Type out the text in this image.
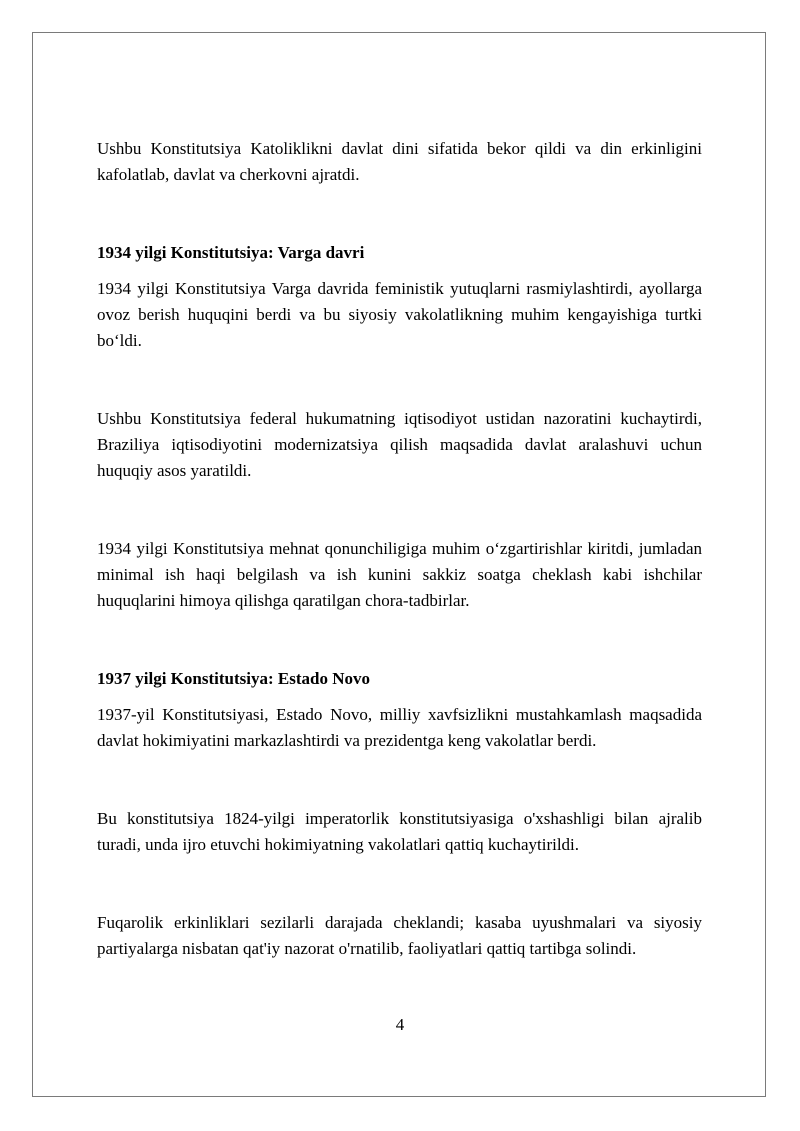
Ushbu Konstitutsiya Katoliklikni davlat dini sifatida bekor qildi va din erkinligini kafolatlab, davlat va cherkovni ajratdi.

1934 yilgi Konstitutsiya: Varga davri

1934 yilgi Konstitutsiya Varga davrida feministik yutuqlarni rasmiylashtirdi, ayollarga ovoz berish huquqini berdi va bu siyosiy vakolatlikning muhim kengayishiga turtki bo‘ldi.

Ushbu Konstitutsiya federal hukumatning iqtisodiyot ustidan nazoratini kuchaytirdi, Braziliya iqtisodiyotini modernizatsiya qilish maqsadida davlat aralashuvi uchun huquqiy asos yaratildi.

1934 yilgi Konstitutsiya mehnat qonunchiligiga muhim o‘zgartirishlar kiritdi, jumladan minimal ish haqi belgilash va ish kunini sakkiz soatga cheklash kabi ishchilar huquqlarini himoya qilishga qaratilgan chora-tadbirlar.

1937 yilgi Konstitutsiya: Estado Novo

1937-yil Konstitutsiyasi, Estado Novo, milliy xavfsizlikni mustahkamlash maqsadida davlat hokimiyatini markazlashtirdi va prezidentga keng vakolatlar berdi.

Bu konstitutsiya 1824-yilgi imperatorlik konstitutsiyasiga o'xshashligi bilan ajralib turadi, unda ijro etuvchi hokimiyatning vakolatlari qattiq kuchaytirildi.

Fuqarolik erkinliklari sezilarli darajada cheklandi; kasaba uyushmalari va siyosiy partiyalarga nisbatan qat'iy nazorat o'rnatilib, faoliyatlari qattiq tartibga solindi.

4
